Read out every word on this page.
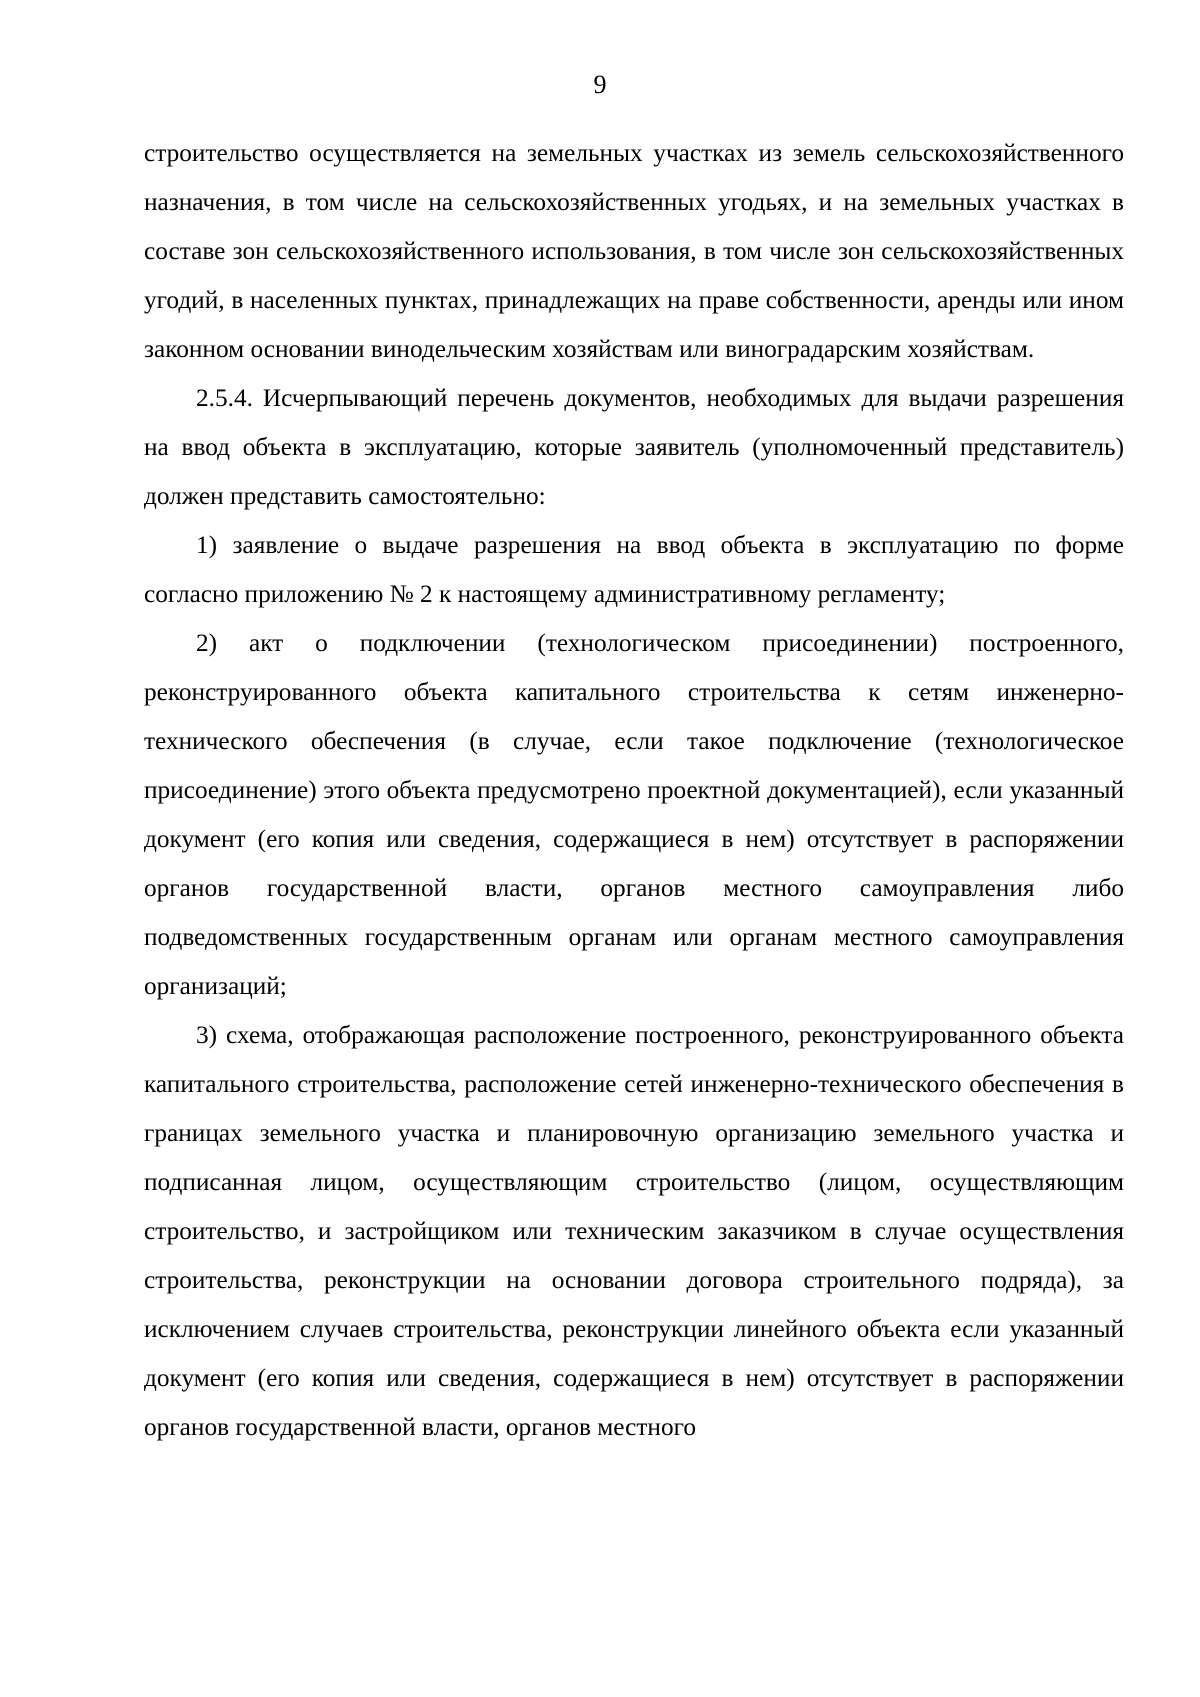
9

строительство осуществляется на земельных участках из земель сельскохозяйственного назначения, в том числе на сельскохозяйственных угодьях, и на земельных участках в составе зон сельскохозяйственного использования, в том числе зон сельскохозяйственных угодий, в населенных пунктах, принадлежащих на праве собственности, аренды или ином законном основании винодельческим хозяйствам или виноградарским хозяйствам.

2.5.4. Исчерпывающий перечень документов, необходимых для выдачи разрешения на ввод объекта в эксплуатацию, которые заявитель (уполномоченный представитель) должен представить самостоятельно:

1) заявление о выдаче разрешения на ввод объекта в эксплуатацию по форме согласно приложению № 2 к настоящему административному регламенту;

2) акт о подключении (технологическом присоединении) построенного, реконструированного объекта капитального строительства к сетям инженерно-технического обеспечения (в случае, если такое подключение (технологическое присоединение) этого объекта предусмотрено проектной документацией), если указанный документ (его копия или сведения, содержащиеся в нем) отсутствует в распоряжении органов государственной власти, органов местного самоуправления либо подведомственных государственным органам или органам местного самоуправления организаций;

3) схема, отображающая расположение построенного, реконструированного объекта капитального строительства, расположение сетей инженерно-технического обеспечения в границах земельного участка и планировочную организацию земельного участка и подписанная лицом, осуществляющим строительство (лицом, осуществляющим строительство, и застройщиком или техническим заказчиком в случае осуществления строительства, реконструкции на основании договора строительного подряда), за исключением случаев строительства, реконструкции линейного объекта если указанный документ (его копия или сведения, содержащиеся в нем) отсутствует в распоряжении органов государственной власти, органов местного
